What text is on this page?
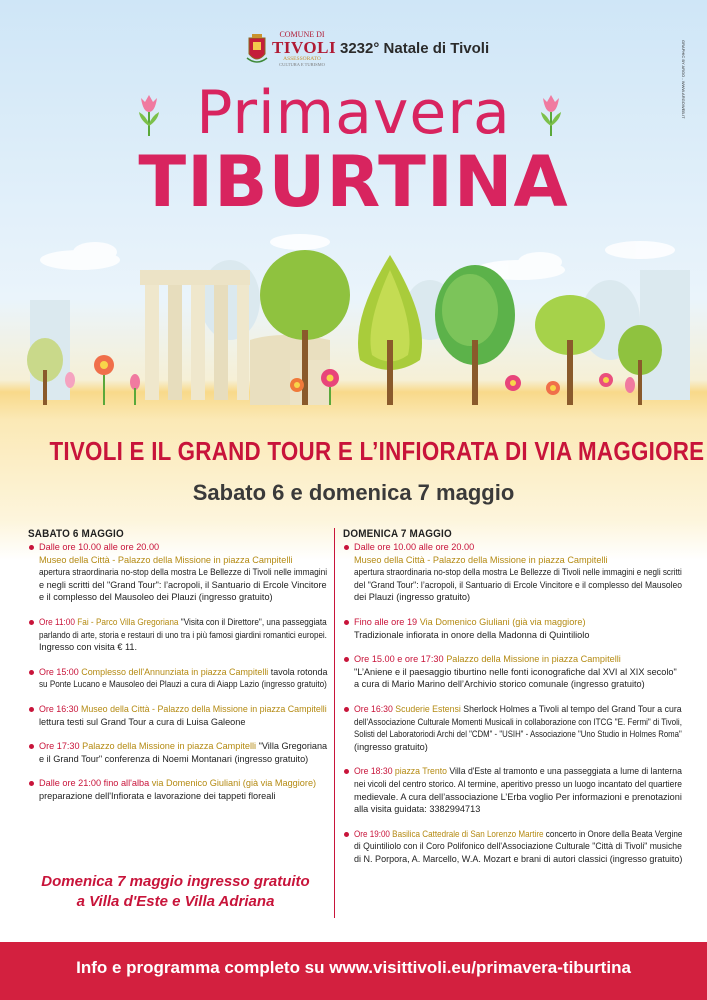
COMUNE DI
TIVOLI
ASSESSORATO
CULTURA E TURISMO
3232° Natale di Tivoli	GRAPHIC BY ARGO - WWW.ARGOWEB.IT
Primavera
TIBURTINA
TIVOLI E IL GRAND TOUR E L’INFIORATA DI VIA MAGGIORE
Sabato 6 e domenica 7 maggio
SABATO 6 MAGGIO
Dalle ore 10.00 alle ore 20.00
Museo della Città - Palazzo della Missione in piazza Campitelli
apertura straordinaria no-stop della mostra Le Bellezze di Tivoli nelle immagini
e negli scritti del "Grand Tour": l’acropoli, il Santuario di Ercole Vincitore
e il complesso del Mausoleo dei Plauzi (ingresso gratuito)
Ore 11:00 Fai - Parco Villa Gregoriana "Visita con il Direttore", una passeggiata
parlando di arte, storia e restauri di uno tra i più famosi giardini romantici europei.
Ingresso con visita € 11.
Ore 15:00 Complesso dell'Annunziata in piazza Campitelli tavola rotonda
su Ponte Lucano e Mausoleo dei Plauzi a cura di Aiapp Lazio (ingresso gratuito)
Ore 16:30 Museo della Città - Palazzo della Missione in piazza Campitelli
lettura testi sul Grand Tour a cura di Luisa Galeone
Ore 17:30 Palazzo della Missione in piazza Campitelli "Villa Gregoriana
e il Grand Tour" conferenza di Noemi Montanari (ingresso gratuito)
Dalle ore 21:00 fino all'alba via Domenico Giuliani (già via Maggiore)
preparazione dell'Infiorata e lavorazione dei tappeti floreali
DOMENICA 7 MAGGIO
Dalle ore 10.00 alle ore 20.00
Museo della Città - Palazzo della Missione in piazza Campitelli
apertura straordinaria no-stop della mostra Le Bellezze di Tivoli nelle immagini e negli scritti
del "Grand Tour": l’acropoli, il Santuario di Ercole Vincitore e il complesso del Mausoleo
dei Plauzi (ingresso gratuito)
Fino alle ore 19 Via Domenico Giuliani (già via maggiore)
Tradizionale infiorata in onore della Madonna di Quintiliolo
Ore 15.00 e ore 17:30 Palazzo della Missione in piazza Campitelli
"L’Aniene e il paesaggio tiburtino nelle fonti iconografiche dal XVI al XIX secolo"
a cura di Mario Marino dell’Archivio storico comunale (ingresso gratuito)
Ore 16:30 Scuderie Estensi Sherlock Holmes a Tivoli al tempo del Grand Tour a cura
dell'Associazione Culturale Momenti Musicali in collaborazione con ITCG "E. Fermi" di Tivoli,
Solisti del Laboratoriodi Archi del "CDM" - "USIH" - Associazione "Uno Studio in Holmes Roma"
(ingresso gratuito)
Ore 18:30 piazza Trento Villa d'Este al tramonto e una passeggiata a lume di lanterna
nei vicoli del centro storico. Al termine, aperitivo presso un luogo incantato del quartiere
medievale. A cura dell’associazione L’Erba voglio Per informazioni e prenotazioni
alla visita guidata: 3382994713
Ore 19:00 Basilica Cattedrale di San Lorenzo Martire concerto in Onore della Beata Vergine
di Quintiliolo con il Coro Polifonico dell'Associazione Culturale "Città di Tivoli" musiche
di N. Porpora, A. Marcello, W.A. Mozart e brani di autori classici (ingresso gratuito)
Domenica 7 maggio ingresso gratuito
a Villa d'Este e Villa Adriana
Info e programma completo su www.visittivoli.eu/primavera-tiburtina
